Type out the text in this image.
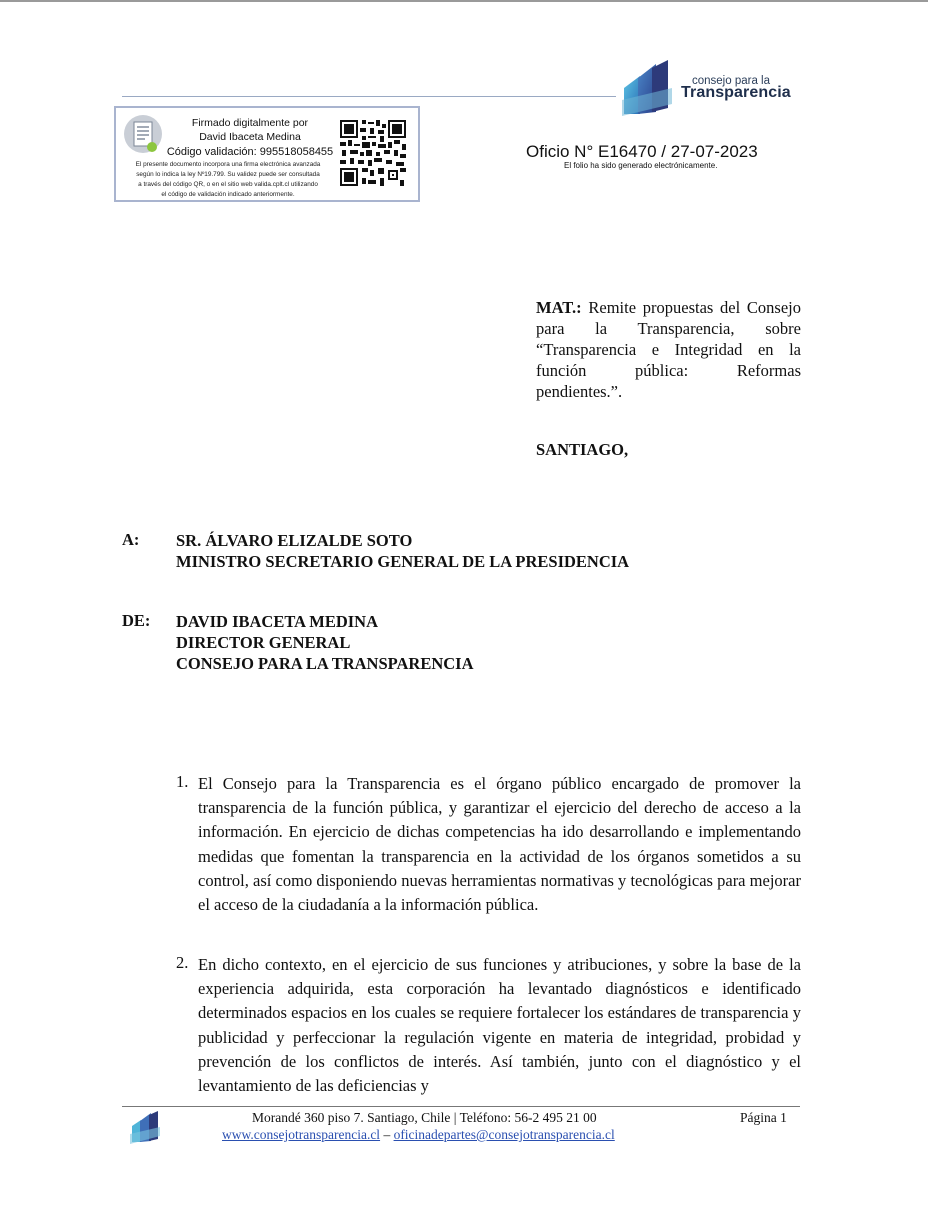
consejo para la
Transparencia
Firmado digitalmente por
David Ibaceta Medina
Código validación: 995518058455
El presente documento incorpora una firma electrónica avanzada
según lo indica la ley Nº19.799. Su validez puede ser consultada
a través del código QR, o en el sitio web valida.cplt.cl utilizando
el código de validación indicado anteriormente.
Oficio N° E16470 / 27-07-2023
El folio ha sido generado electrónicamente.
MAT.: Remite propuestas del Consejo para la Transparencia, sobre “Transparencia e Integridad en la función pública: Reformas pendientes.”.
SANTIAGO,
A: SR. ÁLVARO ELIZALDE SOTO
MINISTRO SECRETARIO GENERAL DE LA PRESIDENCIA
DE: DAVID IBACETA MEDINA
DIRECTOR GENERAL
CONSEJO PARA LA TRANSPARENCIA
1. El Consejo para la Transparencia es el órgano público encargado de promover la transparencia de la función pública, y garantizar el ejercicio del derecho de acceso a la información. En ejercicio de dichas competencias ha ido desarrollando e implementando medidas que fomentan la transparencia en la actividad de los órganos sometidos a su control, así como disponiendo nuevas herramientas normativas y tecnológicas para mejorar el acceso de la ciudadanía a la información pública.
2. En dicho contexto, en el ejercicio de sus funciones y atribuciones, y sobre la base de la experiencia adquirida, esta corporación ha levantado diagnósticos e identificado determinados espacios en los cuales se requiere fortalecer los estándares de transparencia y publicidad y perfeccionar la regulación vigente en materia de integridad, probidad y prevención de los conflictos de interés. Así también, junto con el diagnóstico y el levantamiento de las deficiencias y
Morandé 360 piso 7. Santiago, Chile | Teléfono: 56-2 495 21 00
www.consejotransparencia.cl – oficinadepartes@consejotransparencia.cl
Página 1
